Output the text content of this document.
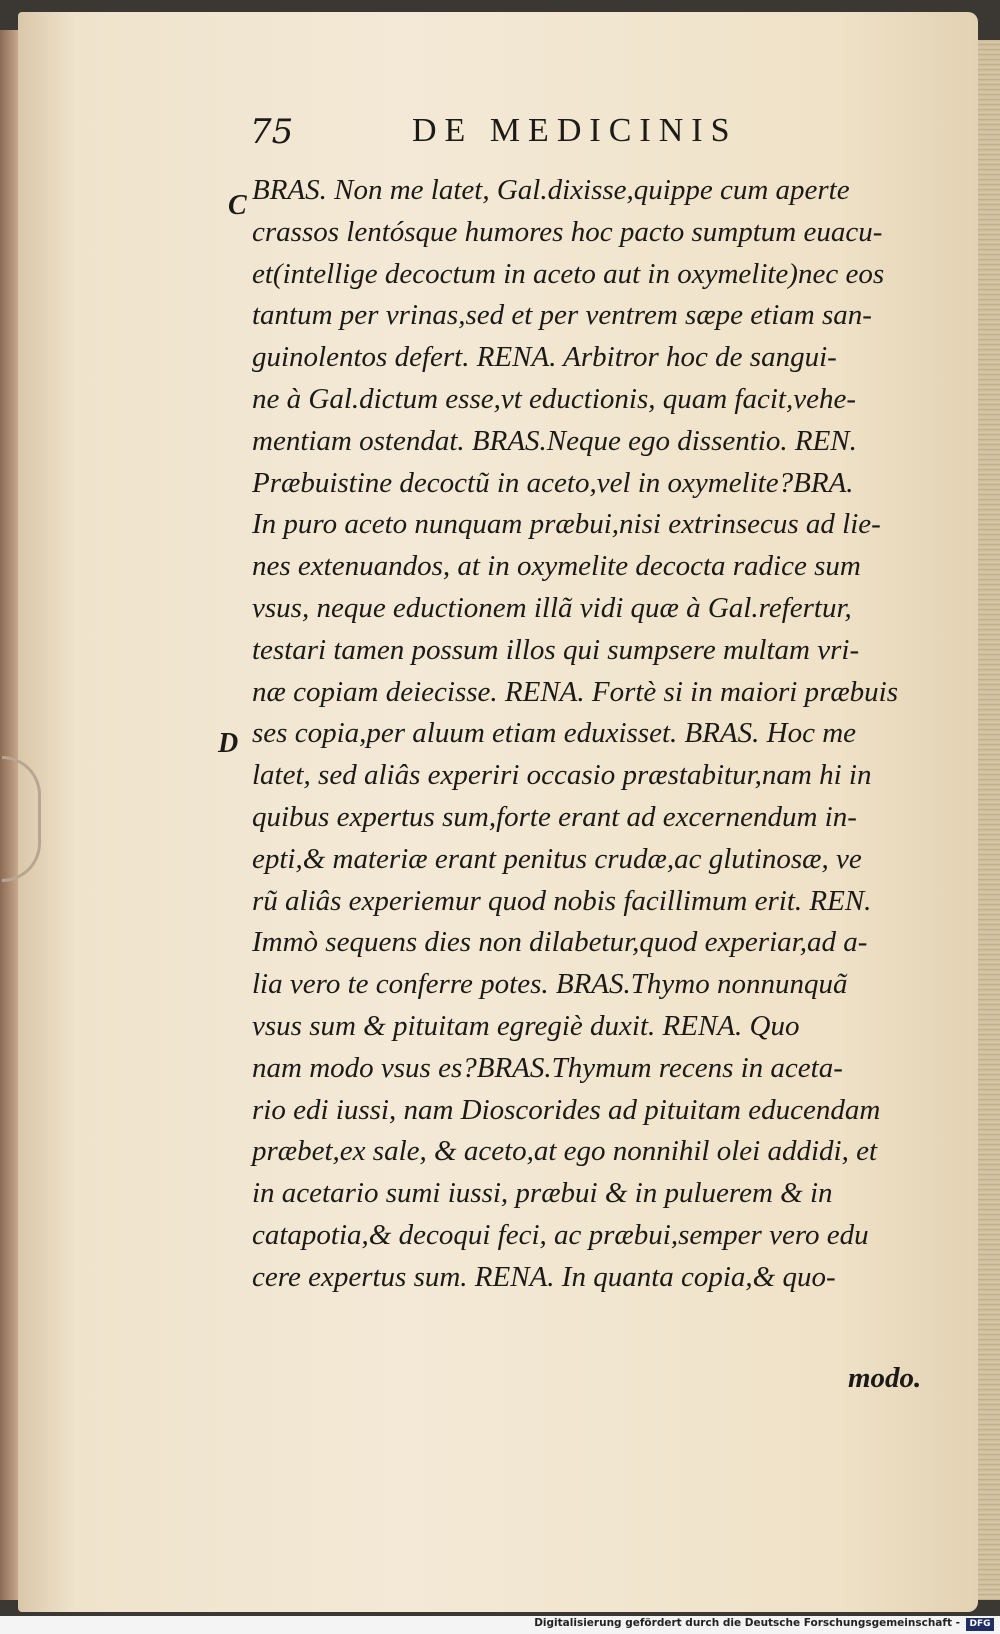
75	DE MEDICINIS
C
D
BRAS. Non me latet, Gal.dixisse,quippe cum aperte
crassos lentósque humores hoc pacto sumptum euacu-
et(intellige decoctum in aceto aut in oxymelite)nec eos
tantum per vrinas,sed et per ventrem sæpe etiam san-
guinolentos defert. RENA. Arbitror hoc de sangui-
ne à Gal.dictum esse,vt eductionis, quam facit,vehe-
mentiam ostendat. BRAS.Neque ego dissentio. REN.
Præbuistine decoctũ in aceto,vel in oxymelite?BRA.
In puro aceto nunquam præbui,nisi extrinsecus ad lie-
nes extenuandos, at in oxymelite decocta radice sum
vsus, neque eductionem illã vidi quæ à Gal.refertur,
testari tamen possum illos qui sumpsere multam vri-
næ copiam deiecisse. RENA. Fortè si in maiori præbuis
ses copia,per aluum etiam eduxisset. BRAS. Hoc me
latet, sed aliâs experiri occasio præstabitur,nam hi in
quibus expertus sum,forte erant ad excernendum in-
epti,& materiæ erant penitus crudæ,ac glutinosæ, ve
rũ aliâs experiemur quod nobis facillimum erit. REN.
Immò sequens dies non dilabetur,quod experiar,ad a-
lia vero te conferre potes. BRAS.Thymo nonnunquã
vsus sum & pituitam egregiè duxit. RENA. Quo
nam modo vsus es?BRAS.Thymum recens in aceta-
rio edi iussi, nam Dioscorides ad pituitam educendam
præbet,ex sale, & aceto,at ego nonnihil olei addidi, et
in acetario sumi iussi, præbui & in puluerem & in
catapotia,& decoqui feci, ac præbui,semper vero edu
cere expertus sum. RENA. In quanta copia,& quo-
modo.
Digitalisierung gefördert durch die Deutsche Forschungsgemeinschaft -	DFG
